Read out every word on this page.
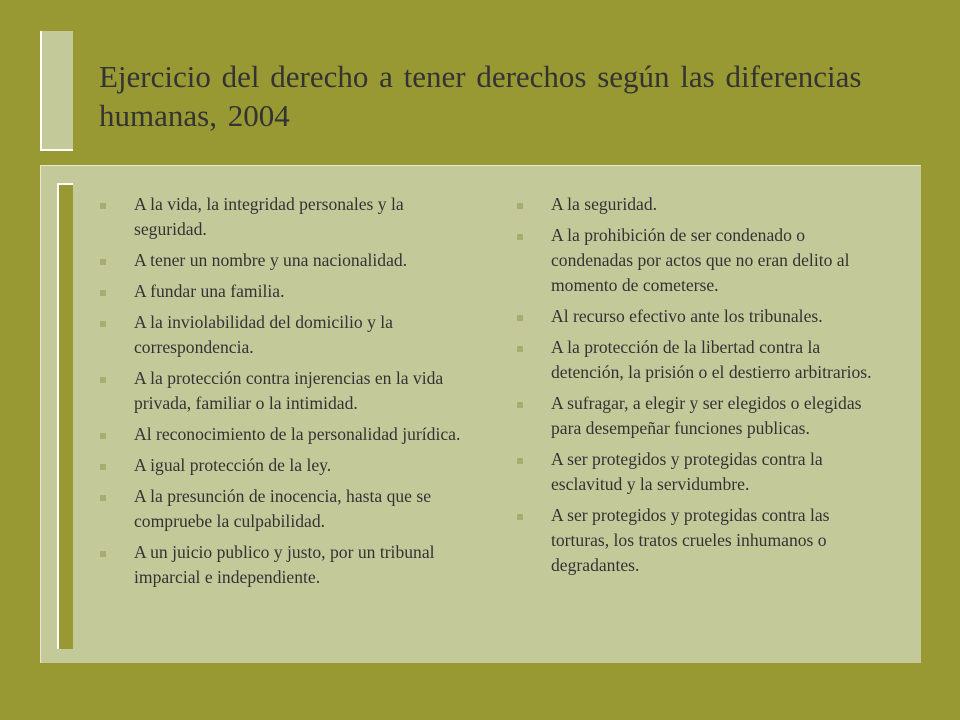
Ejercicio del derecho a tener derechos según las diferencias humanas, 2004
A la vida, la integridad personales y la seguridad.
A tener un nombre y una nacionalidad.
A fundar una familia.
A la inviolabilidad del domicilio y la correspondencia.
A la protección contra injerencias en la vida privada, familiar o la intimidad.
Al reconocimiento de la personalidad jurídica.
A igual protección de la ley.
A la presunción de inocencia, hasta que se compruebe la culpabilidad.
A un juicio publico y justo, por un tribunal imparcial e independiente.
A la seguridad.
A la prohibición de ser condenado o condenadas por actos que no eran delito al momento de cometerse.
Al recurso efectivo ante los tribunales.
A la protección de la libertad contra la detención, la prisión o el destierro arbitrarios.
A sufragar, a elegir y ser elegidos o elegidas para desempeñar funciones publicas.
A ser protegidos y protegidas contra la esclavitud y la servidumbre.
A ser protegidos y protegidas contra las torturas, los tratos crueles inhumanos o degradantes.
